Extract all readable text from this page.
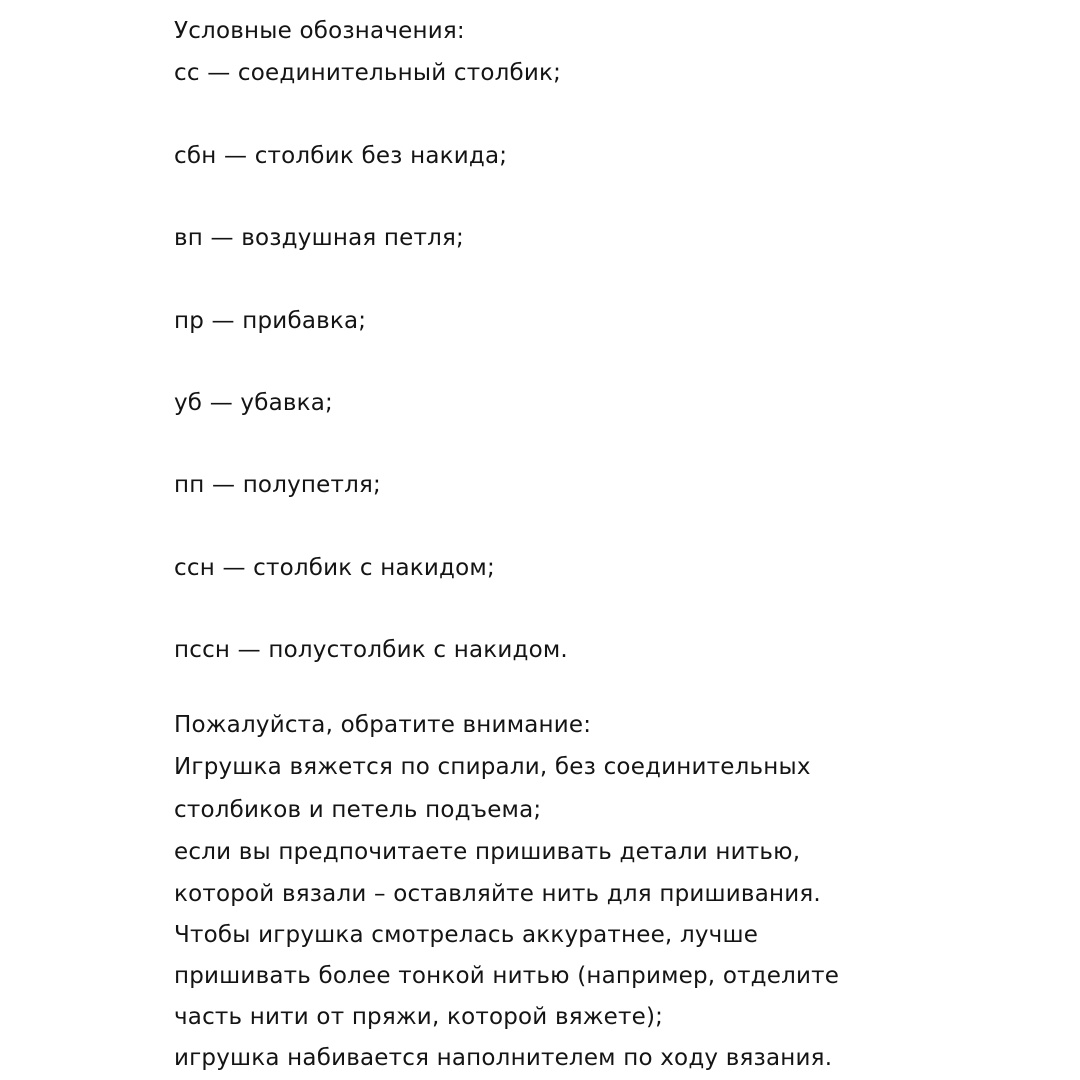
Условные обозначения:
сс — соединительный столбик;
сбн — столбик без накида;
вп — воздушная петля;
пр — прибавка;
уб — убавка;
пп — полупетля;
ссн — столбик с накидом;
пссн — полустолбик с накидом.
Пожалуйста, обратите внимание:
Игрушка вяжется по спирали, без соединительных
столбиков и петель подъема;
если вы предпочитаете пришивать детали нитью,
которой вязали – оставляйте нить для пришивания.
Чтобы игрушка смотрелась аккуратнее, лучше
пришивать более тонкой нитью (например, отделите
часть нити от пряжи, которой вяжете);
игрушка набивается наполнителем по ходу вязания.
